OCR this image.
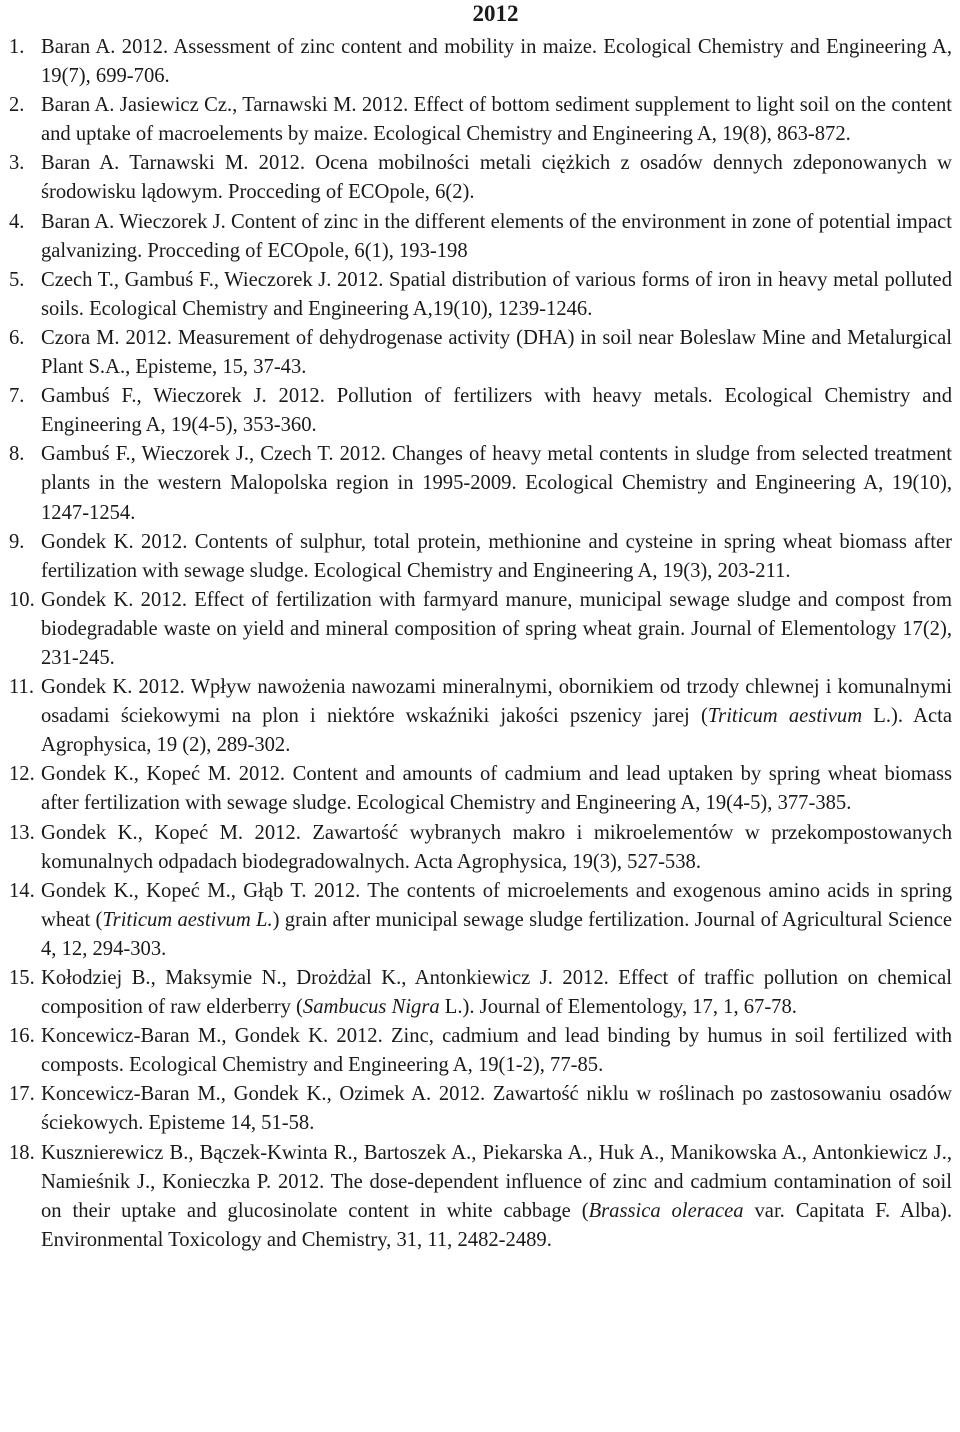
2012
1. Baran A. 2012. Assessment of zinc content and mobility in maize. Ecological Chemistry and Engineering A, 19(7), 699-706.
2. Baran A. Jasiewicz Cz., Tarnawski M. 2012. Effect of bottom sediment supplement to light soil on the content and uptake of macroelements by maize. Ecological Chemistry and Engineering A, 19(8), 863-872.
3. Baran A. Tarnawski M. 2012. Ocena mobilności metali ciężkich z osadów dennych zdeponowanych w środowisku lądowym. Procceding of ECOpole, 6(2).
4. Baran A. Wieczorek J. Content of zinc in the different elements of the environment in zone of potential impact galvanizing. Procceding of ECOpole, 6(1), 193-198
5. Czech T., Gambuś F., Wieczorek J. 2012. Spatial distribution of various forms of iron in heavy metal polluted soils. Ecological Chemistry and Engineering A,19(10), 1239-1246.
6. Czora M. 2012. Measurement of dehydrogenase activity (DHA) in soil near Boleslaw Mine and Metalurgical Plant S.A., Episteme, 15, 37-43.
7. Gambuś F., Wieczorek J. 2012. Pollution of fertilizers with heavy metals. Ecological Chemistry and Engineering A, 19(4-5), 353-360.
8. Gambuś F., Wieczorek J., Czech T. 2012. Changes of heavy metal contents in sludge from selected treatment plants in the western Malopolska region in 1995-2009. Ecological Chemistry and Engineering A, 19(10), 1247-1254.
9. Gondek K. 2012. Contents of sulphur, total protein, methionine and cysteine in spring wheat biomass after fertilization with sewage sludge. Ecological Chemistry and Engineering A, 19(3), 203-211.
10. Gondek K. 2012. Effect of fertilization with farmyard manure, municipal sewage sludge and compost from biodegradable waste on yield and mineral composition of spring wheat grain. Journal of Elementology 17(2), 231-245.
11. Gondek K. 2012. Wpływ nawożenia nawozami mineralnymi, obornikiem od trzody chlewnej i komunalnymi osadami ściekowymi na plon i niektóre wskaźniki jakości pszenicy jarej (Triticum aestivum L.). Acta Agrophysica, 19 (2), 289-302.
12. Gondek K., Kopeć M. 2012. Content and amounts of cadmium and lead uptaken by spring wheat biomass after fertilization with sewage sludge. Ecological Chemistry and Engineering A, 19(4-5), 377-385.
13. Gondek K., Kopeć M. 2012. Zawartość wybranych makro i mikroelementów w przekompostowanych komunalnych odpadach biodegradowalnych. Acta Agrophysica, 19(3), 527-538.
14. Gondek K., Kopeć M., Głąb T. 2012. The contents of microelements and exogenous amino acids in spring wheat (Triticum aestivum L.) grain after municipal sewage sludge fertilization. Journal of Agricultural Science 4, 12, 294-303.
15. Kołodziej B., Maksymie N., Drożdżal K., Antonkiewicz J. 2012. Effect of traffic pollution on chemical composition of raw elderberry (Sambucus Nigra L.). Journal of Elementology, 17, 1, 67-78.
16. Koncewicz-Baran M., Gondek K. 2012. Zinc, cadmium and lead binding by humus in soil fertilized with composts. Ecological Chemistry and Engineering A, 19(1-2), 77-85.
17. Koncewicz-Baran M., Gondek K., Ozimek A. 2012. Zawartość niklu w roślinach po zastosowaniu osadów ściekowych. Episteme 14, 51-58.
18. Kusznierewicz B., Bączek-Kwinta R., Bartoszek A., Piekarska A., Huk A., Manikowska A., Antonkiewicz J., Namieśnik J., Konieczka P. 2012. The dose-dependent influence of zinc and cadmium contamination of soil on their uptake and glucosinolate content in white cabbage (Brassica oleracea var. Capitata F. Alba). Environmental Toxicology and Chemistry, 31, 11, 2482-2489.
